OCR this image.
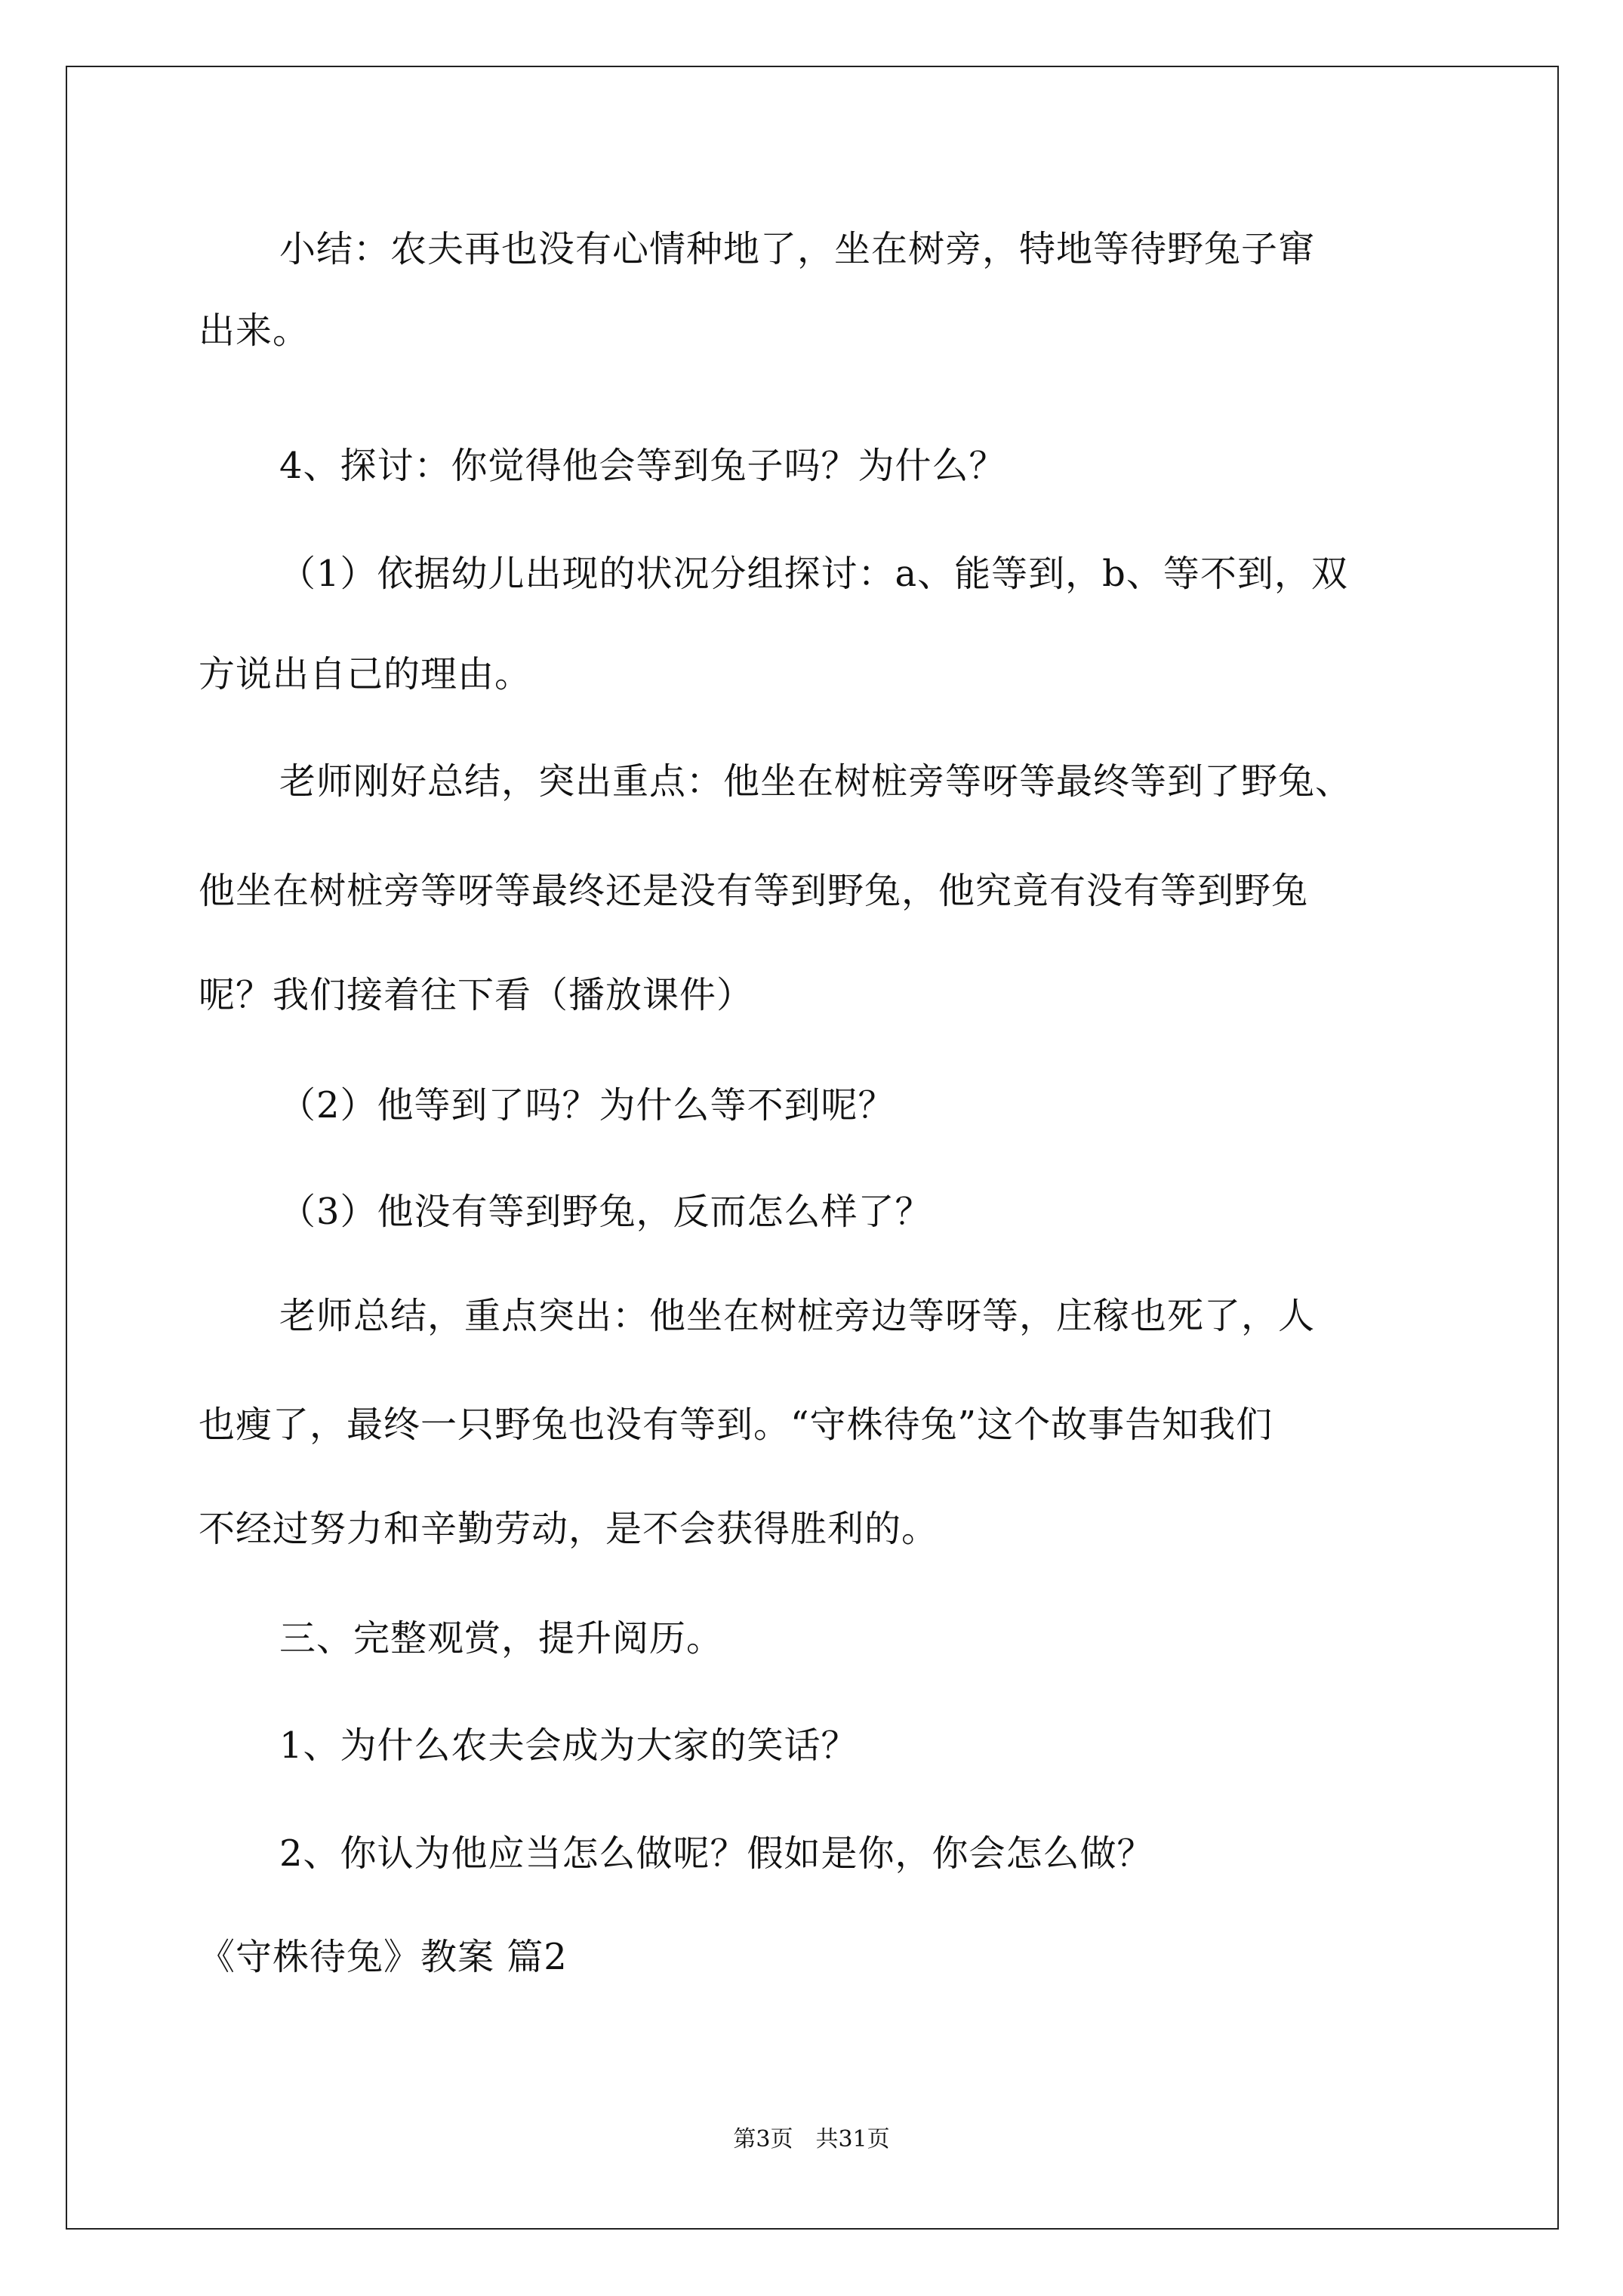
小结：农夫再也没有心情种地了，坐在树旁，特地等待野兔子窜
出来。
4、探讨：你觉得他会等到兔子吗？为什么？
（1）依据幼儿出现的状况分组探讨：a、能等到，b、等不到，双
方说出自己的理由。
老师刚好总结，突出重点：他坐在树桩旁等呀等最终等到了野兔、
他坐在树桩旁等呀等最终还是没有等到野兔，他究竟有没有等到野兔
呢？我们接着往下看（播放课件）
（2）他等到了吗？为什么等不到呢？
（3）他没有等到野兔，反而怎么样了？
老师总结，重点突出：他坐在树桩旁边等呀等，庄稼也死了，人
也瘦了，最终一只野兔也没有等到。“守株待兔”这个故事告知我们
不经过努力和辛勤劳动，是不会获得胜利的。
三、完整观赏，提升阅历。
1、为什么农夫会成为大家的笑话？
2、你认为他应当怎么做呢？假如是你，你会怎么做？
《守株待兔》教案 篇2
第3页　共31页
